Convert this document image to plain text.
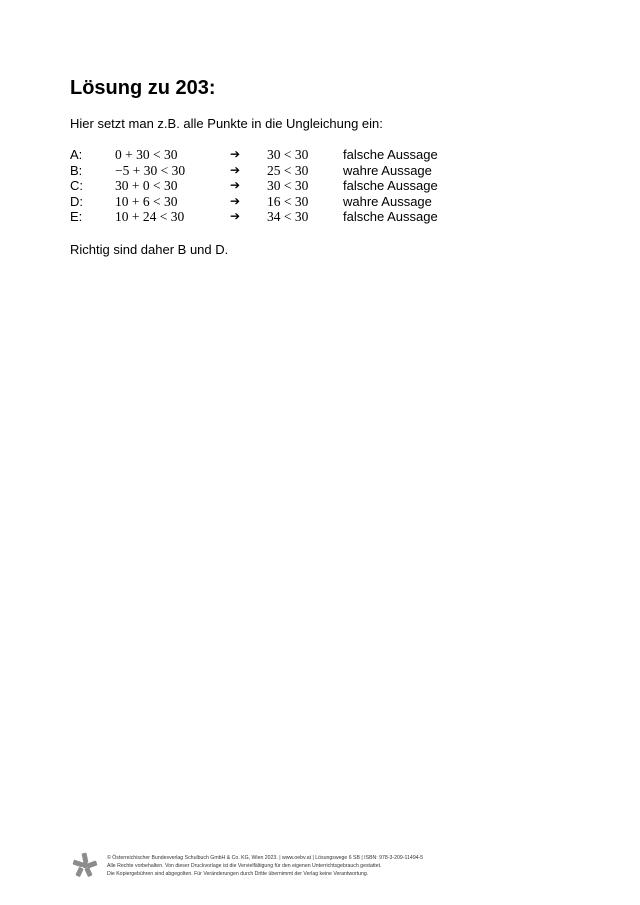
Lösung zu 203:
Hier setzt man z.B. alle Punkte in die Ungleichung ein:
A: 0 + 30 < 30	➔ 30 < 30	falsche Aussage
B: −5 + 30 < 30	➔ 25 < 30	wahre Aussage
C: 30 + 0 < 30	➔ 30 < 30	falsche Aussage
D: 10 + 6 < 30	➔ 16 < 30	wahre Aussage
E: 10 + 24 < 30	➔ 34 < 30	falsche Aussage
Richtig sind daher B und D.
© Österreichischer Bundesverlag Schulbuch GmbH & Co. KG, Wien 2023. | www.oebv.at | Lösungswege 6 SB | ISBN: 978-3-209-11494-5
Alle Rechte vorbehalten. Von dieser Druckvorlage ist die Vervielfältigung für den eigenen Unterrichtsgebrauch gestattet.
Die Kopiergebühren sind abgegolten. Für Veränderungen durch Dritte übernimmt der Verlag keine Verantwortung.
